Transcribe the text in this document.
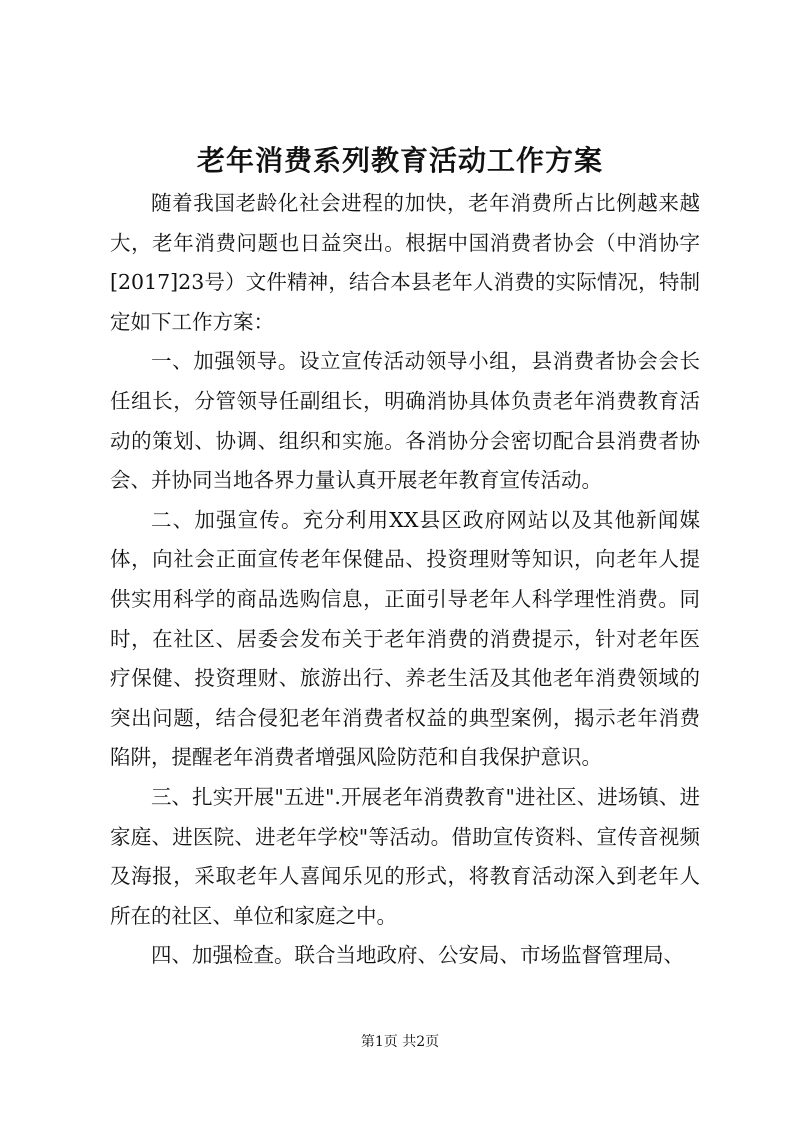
老年消费系列教育活动工作方案

随着我国老龄化社会进程的加快，老年消费所占比例越来越大，老年消费问题也日益突出。根据中国消费者协会（中消协字[2017]23号）文件精神，结合本县老年人消费的实际情况，特制定如下工作方案：

一、加强领导。设立宣传活动领导小组，县消费者协会会长任组长，分管领导任副组长，明确消协具体负责老年消费教育活动的策划、协调、组织和实施。各消协分会密切配合县消费者协会、并协同当地各界力量认真开展老年教育宣传活动。

二、加强宣传。充分利用XX县区政府网站以及其他新闻媒体，向社会正面宣传老年保健品、投资理财等知识，向老年人提供实用科学的商品选购信息，正面引导老年人科学理性消费。同时，在社区、居委会发布关于老年消费的消费提示，针对老年医疗保健、投资理财、旅游出行、养老生活及其他老年消费领域的突出问题，结合侵犯老年消费者权益的典型案例，揭示老年消费陷阱，提醒老年消费者增强风险防范和自我保护意识。

三、扎实开展"五进".开展老年消费教育"进社区、进场镇、进家庭、进医院、进老年学校"等活动。借助宣传资料、宣传音视频及海报，采取老年人喜闻乐见的形式，将教育活动深入到老年人所在的社区、单位和家庭之中。

四、加强检查。联合当地政府、公安局、市场监督管理局、

第1页 共2页
